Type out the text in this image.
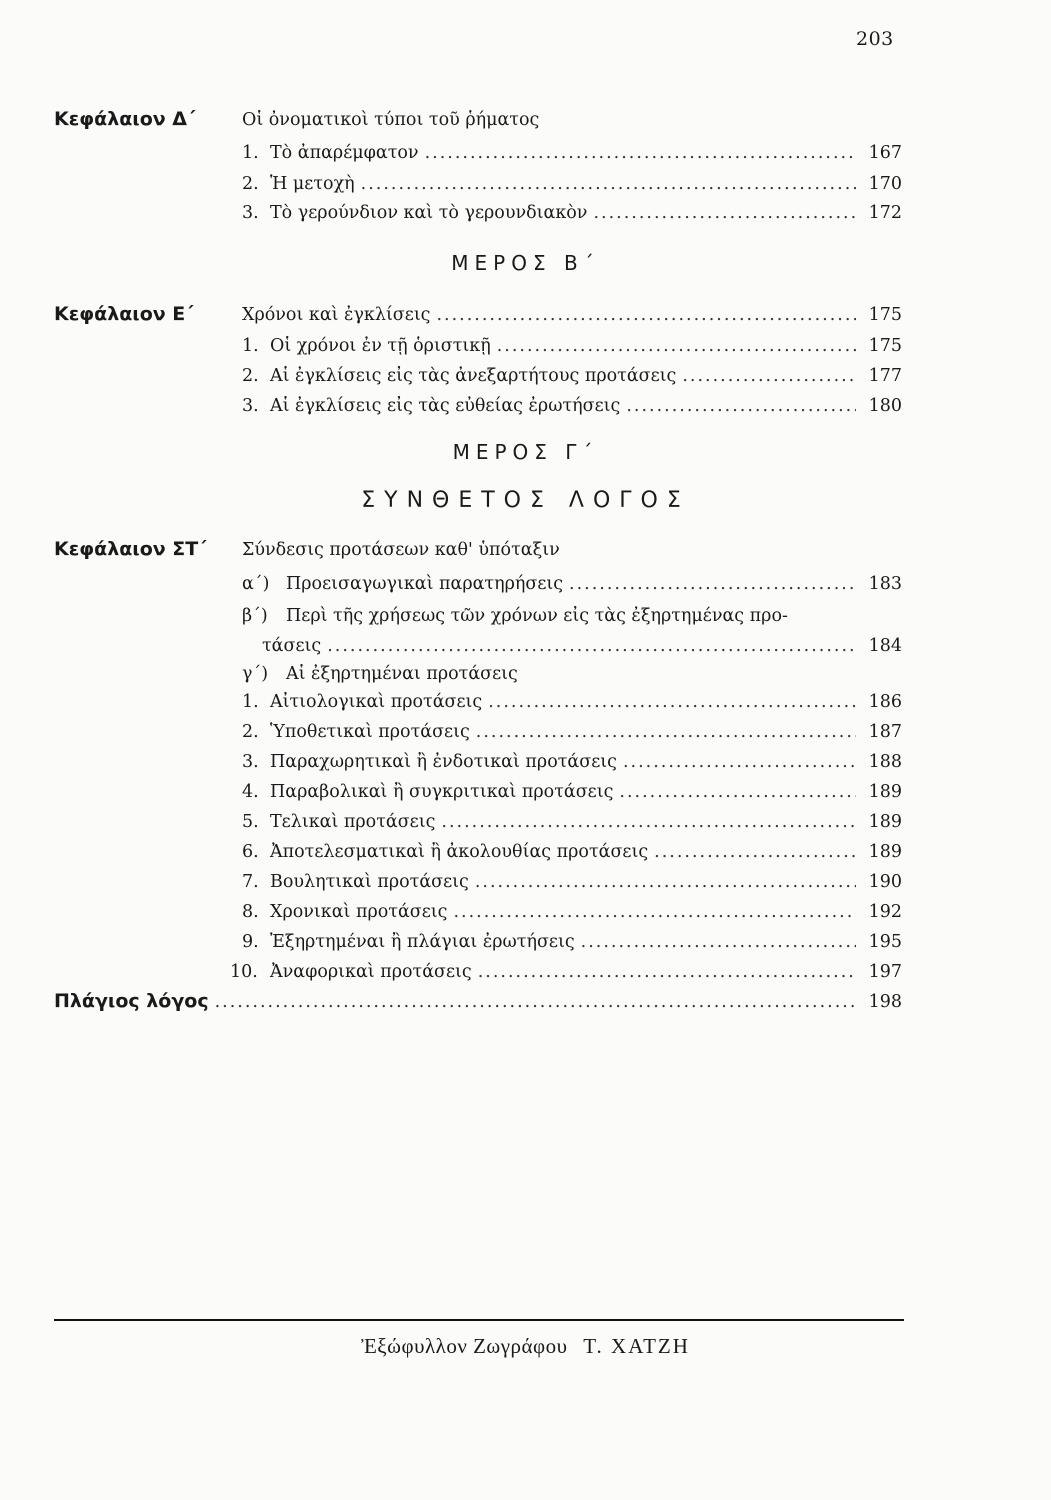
203
Κεφάλαιον Δ΄	Οἱ ὀνοματικοὶ τύποι τοῦ ῥήματος
1. Τὸ ἀπαρέμφατον .....	167
2. Ἡ μετοχὴ .....	170
3. Τὸ γερούνδιον καὶ τὸ γερουνδιακὸν .....	172
ΜΕΡΟΣ Β΄
Κεφάλαιον Ε΄	Χρόνοι καὶ ἐγκλίσεις .....	175
1. Οἱ χρόνοι ἐν τῇ ὁριστικῇ .....	175
2. Αἱ ἐγκλίσεις εἰς τὰς ἀνεξαρτήτους προτάσεις .....	177
3. Αἱ ἐγκλίσεις εἰς τὰς εὐθείας ἐρωτήσεις .....	180
ΜΕΡΟΣ Γ΄
ΣΥΝΘΕΤΟΣ ΛΟΓΟΣ
Κεφάλαιον ΣΤ΄ Σύνδεσις προτάσεων καθ' ὑπόταξιν
α΄) Προεισαγωγικαὶ παρατηρήσεις .....	183
β΄)	Περὶ τῆς χρήσεως τῶν χρόνων εἰς τὰς ἐξηρτημένας προ-
τάσεις .....	184
γ΄)	Αἱ ἐξηρτημέναι προτάσεις
1. Αἰτιολογικαὶ προτάσεις .....	186
2. Ὑποθετικαὶ προτάσεις .....	187
3. Παραχωρητικαὶ ἢ ἐνδοτικαὶ προτάσεις .....	188
4. Παραβολικαὶ ἢ συγκριτικαὶ προτάσεις .....	189
5. Τελικαὶ προτάσεις .....	189
6. Ἀποτελεσματικαὶ ἢ ἀκολουθίας προτάσεις .....	189
7. Βουλητικαὶ προτάσεις .....	190
8. Χρονικαὶ προτάσεις .....	192
9. Ἐξηρτημέναι ἢ πλάγιαι ἐρωτήσεις .....	195
10. Ἀναφορικαὶ προτάσεις .....	197
Πλάγιος λόγος .....	198
Ἐξώφυλλον Ζωγράφου Τ. ΧΑΤΖΗ
